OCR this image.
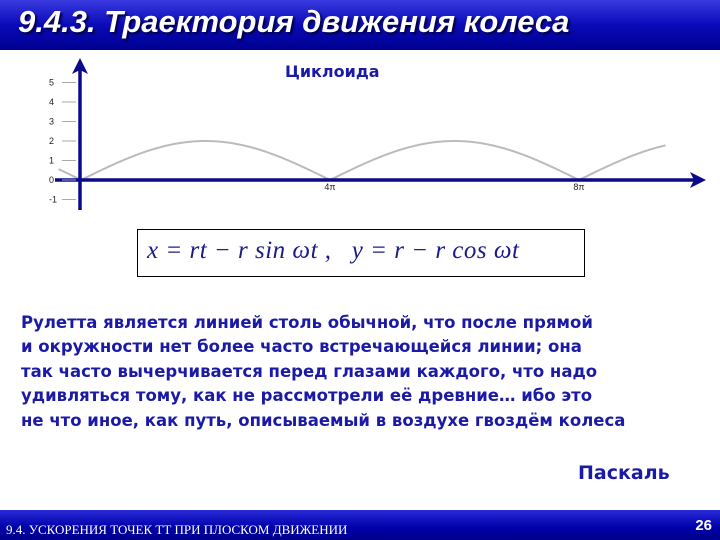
9.4.3. Траектория движения колеса
5
4
3
2
1
0
-1
4π	8π
Циклоида
x = rt − r sin ωt ,   y = r − r cos ωt
Рулетта является линией столь обычной, что после прямой
и окружности нет более часто встречающейся линии; она
так часто вычерчивается перед глазами каждого, что надо
удивляться тому, как не рассмотрели её древние… ибо это
не что иное, как путь, описываемый в воздухе гвоздём колеса
Паскаль
9.4. УСКОРЕНИЯ ТОЧЕК ТТ ПРИ ПЛОСКОМ ДВИЖЕНИИ	26
